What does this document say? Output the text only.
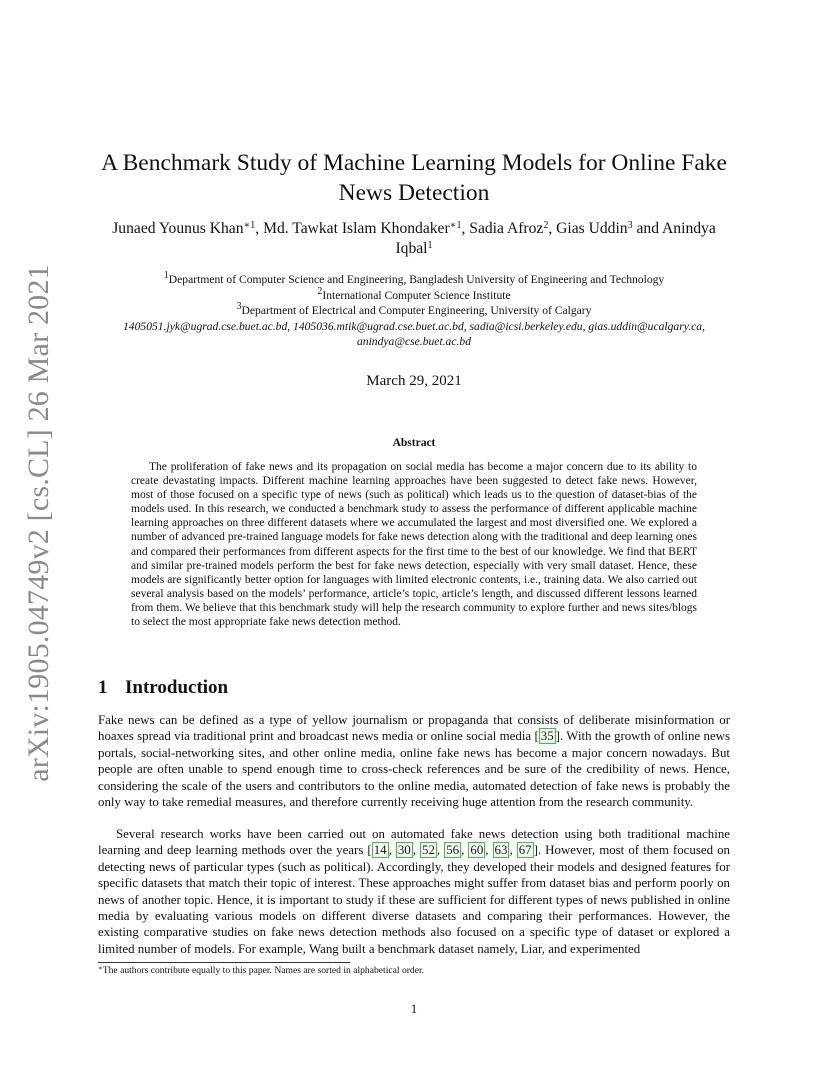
arXiv:1905.04749v2 [cs.CL] 26 Mar 2021
A Benchmark Study of Machine Learning Models for Online Fake News Detection

Junaed Younus Khan$^{∗1}$, Md. Tawkat Islam Khondaker$^{∗1}$, Sadia Afroz$^2$, Gias Uddin$^3$ and Anindya Iqbal$^1$

$^1$Department of Computer Science and Engineering, Bangladesh University of Engineering and Technology
$^2$International Computer Science Institute
$^3$Department of Electrical and Computer Engineering, University of Calgary
1405051.jyk@ugrad.cse.buet.ac.bd, 1405036.mtik@ugrad.cse.buet.ac.bd, sadia@icsi.berkeley.edu, gias.uddin@ucalgary.ca, anindya@cse.buet.ac.bd
March 29, 2021
Abstract

The proliferation of fake news and its propagation on social media has become a major concern due to its ability to create devastating impacts. Different machine learning approaches have been suggested to detect fake news. However, most of those focused on a specific type of news (such as political) which leads us to the question of dataset-bias of the models used. In this research, we conducted a benchmark study to assess the performance of different applicable machine learning approaches on three different datasets where we accumulated the largest and most diversified one. We explored a number of advanced pre-trained language models for fake news detection along with the traditional and deep learning ones and compared their performances from different aspects for the first time to the best of our knowledge. We find that BERT and similar pre-trained models perform the best for fake news detection, especially with very small dataset. Hence, these models are significantly better option for languages with limited electronic contents, i.e., training data. We also carried out several analysis based on the models’ performance, article’s topic, article’s length, and discussed different lessons learned from them. We believe that this benchmark study will help the research community to explore further and news sites/blogs to select the most appropriate fake news detection method.

1 Introduction

Fake news can be defined as a type of yellow journalism or propaganda that consists of deliberate misinformation or hoaxes spread via traditional print and broadcast news media or online social media [ 35 ]. With the growth of online news portals, social-networking sites, and other online media, online fake news has become a major concern nowadays. But people are often unable to spend enough time to cross-check references and be sure of the credibility of news. Hence, considering the scale of the users and contributors to the online media, automated detection of fake news is probably the only way to take remedial measures, and therefore currently receiving huge attention from the research community.

Several research works have been carried out on automated fake news detection using both traditional machine learning and deep learning methods over the years [ 14 , 30 , 52 , 56 , 60 , 63 , 67 ]. However, most of them focused on detecting news of particular types (such as political). Accordingly, they developed their models and designed features for specific datasets that match their topic of interest. These approaches might suffer from dataset bias and perform poorly on news of another topic. Hence, it is important to study if these are sufficient for different types of news published in online media by evaluating various models on different diverse datasets and comparing their performances. However, the existing comparative studies on fake news detection methods also focused on a specific type of dataset or explored a limited number of models. For example, Wang built a benchmark dataset namely, Liar, and experimented

∗The authors contribute equally to this paper. Names are sorted in alphabetical order.
1
